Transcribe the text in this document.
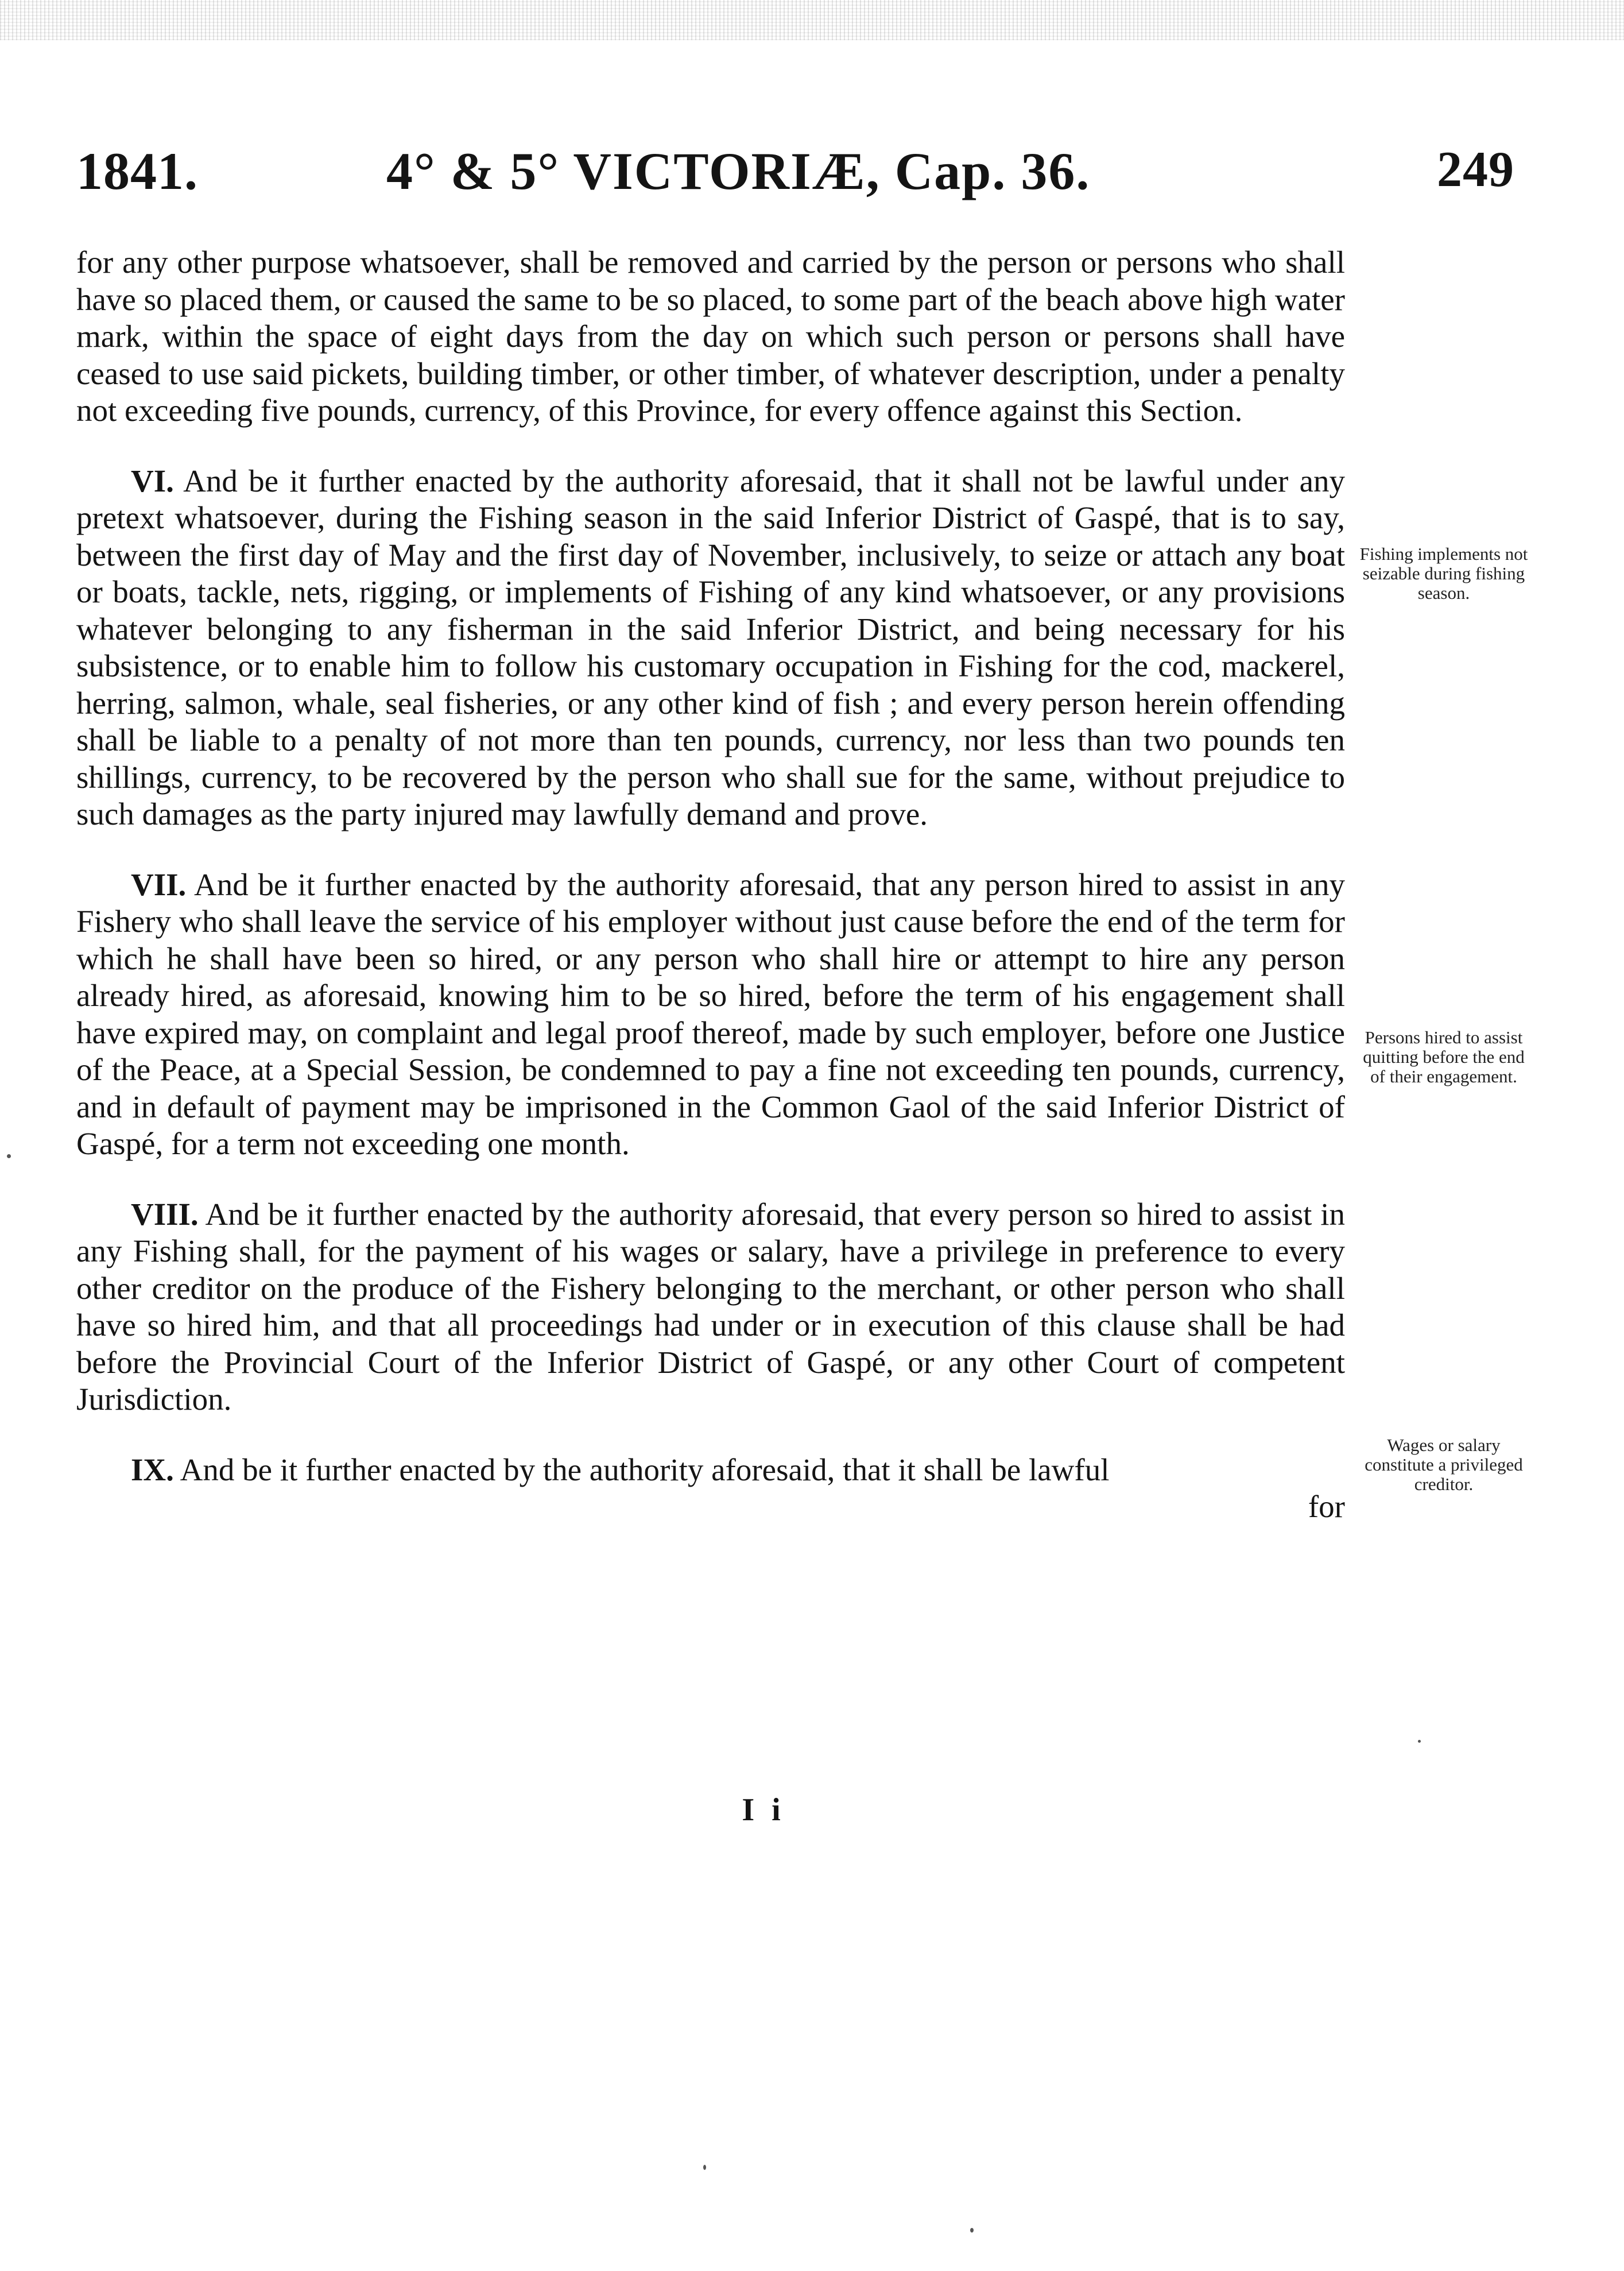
1841.	4° & 5° VICTORIÆ, Cap. 36.	249

for any other purpose whatsoever, shall be removed and carried by the person or persons who shall have so placed them, or caused the same to be so placed, to some part of the beach above high water mark, within the space of eight days from the day on which such person or persons shall have ceased to use said pickets, building timber, or other timber, of whatever description, under a penalty not exceeding five pounds, currency, of this Province, for every offence against this Section.

VI. And be it further enacted by the authority aforesaid, that it shall not be lawful under any pretext whatsoever, during the Fishing season in the said Inferior District of Gaspé, that is to say, between the first day of May and the first day of November, inclusively, to seize or attach any boat or boats, tackle, nets, rigging, or implements of Fishing of any kind whatsoever, or any provisions whatever belonging to any fisherman in the said Inferior District, and being necessary for his subsistence, or to enable him to follow his customary occupation in Fishing for the cod, mackerel, herring, salmon, whale, seal fisheries, or any other kind of fish ; and every person herein offending shall be liable to a penalty of not more than ten pounds, currency, nor less than two pounds ten shillings, currency, to be recovered by the person who shall sue for the same, without prejudice to such damages as the party injured may lawfully demand and prove.

VII. And be it further enacted by the authority aforesaid, that any person hired to assist in any Fishery who shall leave the service of his employer without just cause before the end of the term for which he shall have been so hired, or any person who shall hire or attempt to hire any person already hired, as aforesaid, knowing him to be so hired, before the term of his engagement shall have expired may, on complaint and legal proof thereof, made by such employer, before one Justice of the Peace, at a Special Session, be condemned to pay a fine not exceeding ten pounds, currency, and in default of payment may be imprisoned in the Common Gaol of the said Inferior District of Gaspé, for a term not exceeding one month.

VIII. And be it further enacted by the authority aforesaid, that every person so hired to assist in any Fishing shall, for the payment of his wages or salary, have a privilege in preference to every other creditor on the produce of the Fishery belonging to the merchant, or other person who shall have so hired him, and that all proceedings had under or in execution of this clause shall be had before the Provincial Court of the Inferior District of Gaspé, or any other Court of competent Jurisdiction.

IX. And be it further enacted by the authority aforesaid, that it shall be lawful

for

Fishing implements not seizable during fishing season.
Persons hired to assist quitting before the end of their engagement.
Wages or salary constitute a privileged creditor.
I i
